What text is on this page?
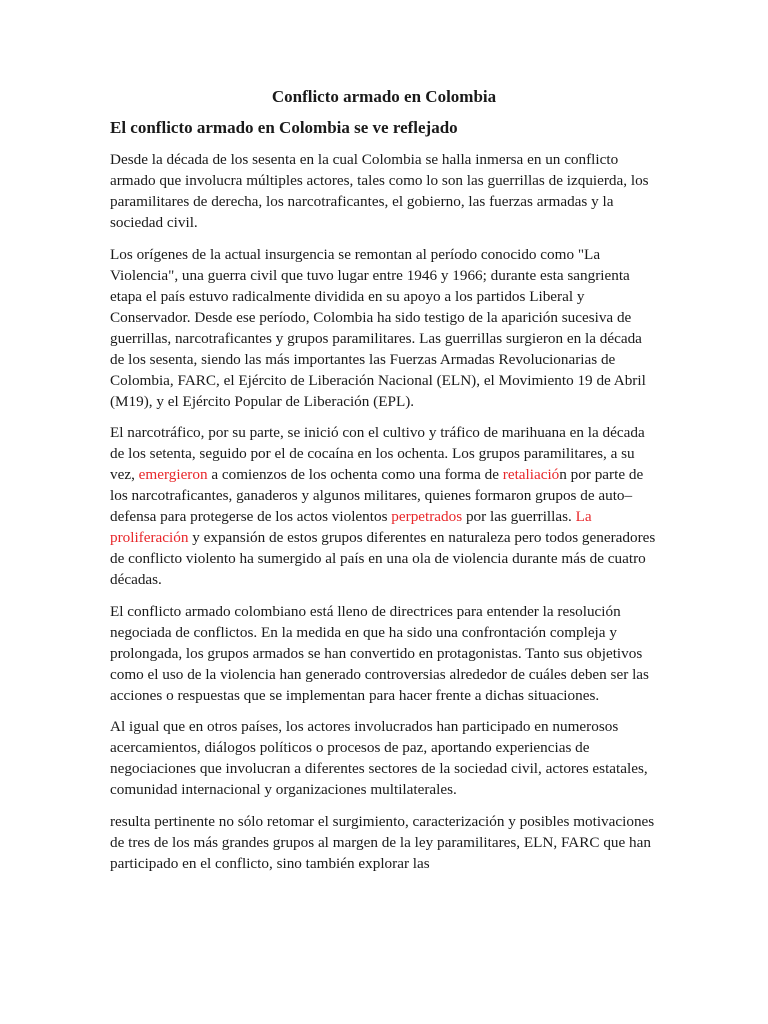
Conflicto armado en Colombia
El conflicto armado en Colombia se ve reflejado

Desde la década de los sesenta en la cual Colombia se halla inmersa en un conflicto armado que involucra múltiples actores, tales como lo son las guerrillas de izquierda, los paramilitares de derecha, los narcotraficantes, el gobierno, las fuerzas armadas y la sociedad civil.

Los orígenes de la actual insurgencia se remontan al período conocido como "La Violencia", una guerra civil que tuvo lugar entre 1946 y 1966; durante esta sangrienta etapa el país estuvo radicalmente dividida en su apoyo a los partidos Liberal y Conservador. Desde ese período, Colombia ha sido testigo de la aparición sucesiva de guerrillas, narcotraficantes y grupos paramilitares. Las guerrillas surgieron en la década de los sesenta, siendo las más importantes las Fuerzas Armadas Revolucionarias de Colombia, FARC, el Ejército de Liberación Nacional (ELN), el Movimiento 19 de Abril (M19), y el Ejército Popular de Liberación (EPL).

El narcotráfico, por su parte, se inició con el cultivo y tráfico de marihuana en la década de los setenta, seguido por el de cocaína en los ochenta. Los grupos paramilitares, a su vez, emergieron a comienzos de los ochenta como una forma de retaliación por parte de los narcotraficantes, ganaderos y algunos militares, quienes formaron grupos de auto–defensa para protegerse de los actos violentos perpetrados por las guerrillas. La proliferación y expansión de estos grupos diferentes en naturaleza pero todos generadores de conflicto violento ha sumergido al país en una ola de violencia durante más de cuatro décadas.

El conflicto armado colombiano está lleno de directrices para entender la resolución negociada de conflictos. En la medida en que ha sido una confrontación compleja y prolongada, los grupos armados se han convertido en protagonistas. Tanto sus objetivos como el uso de la violencia han generado controversias alrededor de cuáles deben ser las acciones o respuestas que se implementan para hacer frente a dichas situaciones.

Al igual que en otros países, los actores involucrados han participado en numerosos acercamientos, diálogos políticos o procesos de paz, aportando experiencias de negociaciones que involucran a diferentes sectores de la sociedad civil, actores estatales, comunidad internacional y organizaciones multilaterales.

resulta pertinente no sólo retomar el surgimiento, caracterización y posibles motivaciones de tres de los más grandes grupos al margen de la ley paramilitares, ELN, FARC que han participado en el conflicto, sino también explorar las
